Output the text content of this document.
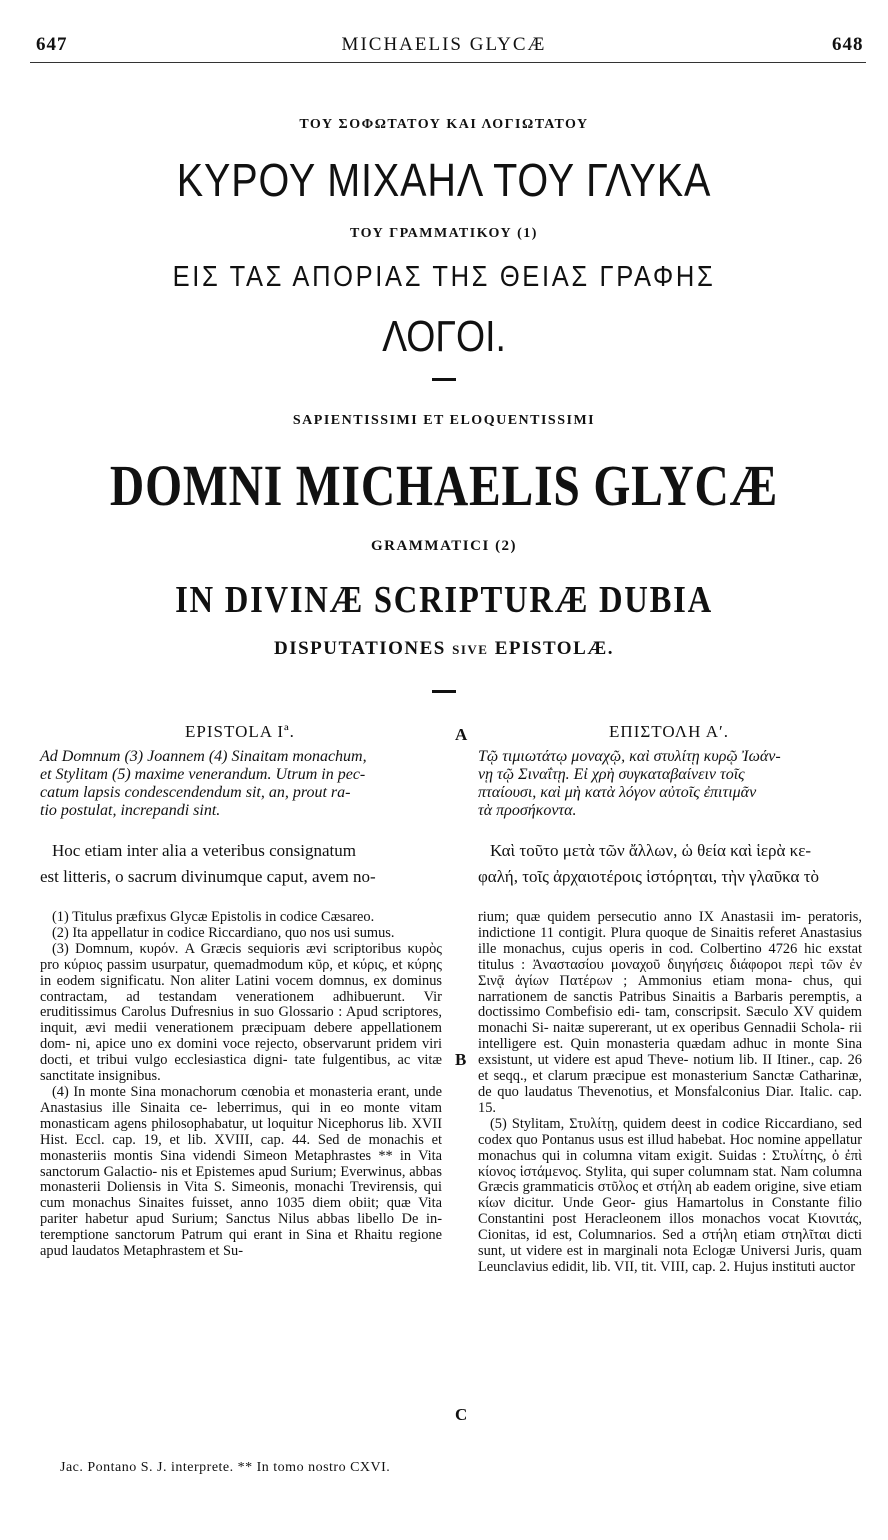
647	MICHAELIS GLYCÆ	648
ΤΟΥ ΣΟΦΩΤΑΤΟΥ ΚΑΙ ΛΟΓΙΩΤΑΤΟΥ
ΚΥΡΟΥ ΜΙΧΑΗΛ ΤΟΥ ΓΛΥΚΑ
ΤΟΥ ΓΡΑΜΜΑΤΙΚΟΥ (1)
ΕΙΣ ΤΑΣ ΑΠΟΡΙΑΣ ΤΗΣ ΘΕΙΑΣ ΓΡΑΦΗΣ
ΛΟΓΟΙ.
SAPIENTISSIMI ET ELOQUENTISSIMI
DOMNI MICHAELIS GLYCÆ
GRAMMATICI (2)
IN DIVINÆ SCRIPTURÆ DUBIA
DISPUTATIONES SIVE EPISTOLÆ.
A
B
C
EPISTOLA Iª.
Ad Domnum (3) Joannem (4) Sinaitam monachum,
et Stylitam (5) maxime venerandum. Utrum in pec-
catum lapsis condescendendum sit, an, prout ra-
tio postulat, increpandi sint.
Hoc etiam inter alia a veteribus consignatum
est litteris, o sacrum divinumque caput, avem no-
ΕΠΙΣΤΟΛΗ Αʹ.
Τῷ τιμιωτάτῳ μοναχῷ, καὶ στυλίτῃ κυρῷ Ἰωάν-
νῃ τῷ Σιναΐτῃ. Εἰ χρὴ συγκαταβαίνειν τοῖς
πταίουσι, καὶ μὴ κατὰ λόγον αὐτοῖς ἐπιτιμᾶν
τὰ προσήκοντα.
Καὶ τοῦτο μετὰ τῶν ἄλλων, ὡ θεία καὶ ἱερὰ κε-
φαλή, τοῖς ἀρχαιοτέροις ἱστόρηται, τὴν γλαῦκα τὸ

(1) Titulus præfixus Glycæ Epistolis in codice Cæsareo.

(2) Ita appellatur in codice Riccardiano, quo nos usi sumus.

(3) Domnum, κυρόν. A Græcis sequioris ævi scriptoribus κυρὸς pro κύριος passim usurpatur, quemadmodum κῦρ, et κύρις, et κύρης in eodem significatu. Non aliter Latini vocem domnus, ex dominus contractam, ad testandam venerationem adhibuerunt. Vir eruditissimus Carolus Dufresnius in suo Glossario : Apud scriptores, inquit, ævi medii venerationem præcipuam debere appellationem dom- ni, apice uno ex domini voce rejecto, observarunt pridem viri docti, et tribui vulgo ecclesiastica digni- tate fulgentibus, ac vitæ sanctitate insignibus.

(4) In monte Sina monachorum cœnobia et monasteria erant, unde Anastasius ille Sinaita ce- leberrimus, qui in eo monte vitam monasticam agens philosophabatur, ut loquitur Nicephorus lib. XVII Hist. Eccl. cap. 19, et lib. XVIII, cap. 44. Sed de monachis et monasteriis montis Sina videndi Simeon Metaphrastes ** in Vita sanctorum Galactio- nis et Epistemes apud Surium; Everwinus, abbas monasterii Doliensis in Vita S. Simeonis, monachi Trevirensis, qui cum monachus Sinaites fuisset, anno 1035 diem obiit; quæ Vita pariter habetur apud Surium; Sanctus Nilus abbas libello De in- teremptione sanctorum Patrum qui erant in Sina et Rhaitu regione apud laudatos Metaphrastem et Su-

rium; quæ quidem persecutio anno IX Anastasii im- peratoris, indictione 11 contigit. Plura quoque de Sinaitis referet Anastasius ille monachus, cujus operis in cod. Colbertino 4726 hic exstat titulus : Ἀναστασίου μοναχοῦ διηγήσεις διάφοροι περὶ τῶν ἐν Σινᾷ ἁγίων Πατέρων ; Ammonius etiam mona- chus, qui narrationem de sanctis Patribus Sinaitis a Barbaris peremptis, a doctissimo Combefisio edi- tam, conscripsit. Sæculo XV quidem monachi Si- naitæ supererant, ut ex operibus Gennadii Schola- rii intelligere est. Quin monasteria quædam adhuc in monte Sina exsistunt, ut videre est apud Theve- notium lib. II Itiner., cap. 26 et seqq., et clarum præcipue est monasterium Sanctæ Catharinæ, de quo laudatus Thevenotius, et Monsfalconius Diar. Italic. cap. 15.

(5) Stylitam, Στυλίτῃ, quidem deest in codice Riccardiano, sed codex quo Pontanus usus est illud habebat. Hoc nomine appellatur monachus qui in columna vitam exigit. Suidas : Στυλίτης, ὁ ἐπὶ κίονος ἱστάμενος. Stylita, qui super columnam stat. Nam columna Græcis grammaticis στῦλος et στήλη ab eadem origine, sive etiam κίων dicitur. Unde Geor- gius Hamartolus in Constante filio Constantini post Heracleonem illos monachos vocat Κιονιτάς, Cionitas, id est, Columnarios. Sed a στήλη etiam στηλῖται dicti sunt, ut videre est in marginali nota Eclogæ Universi Juris, quam Leunclavius edidit, lib. VII, tit. VIII, cap. 2. Hujus instituti auctor

Jac. Pontano S. J. interprete. ** In tomo nostro CXVI.
